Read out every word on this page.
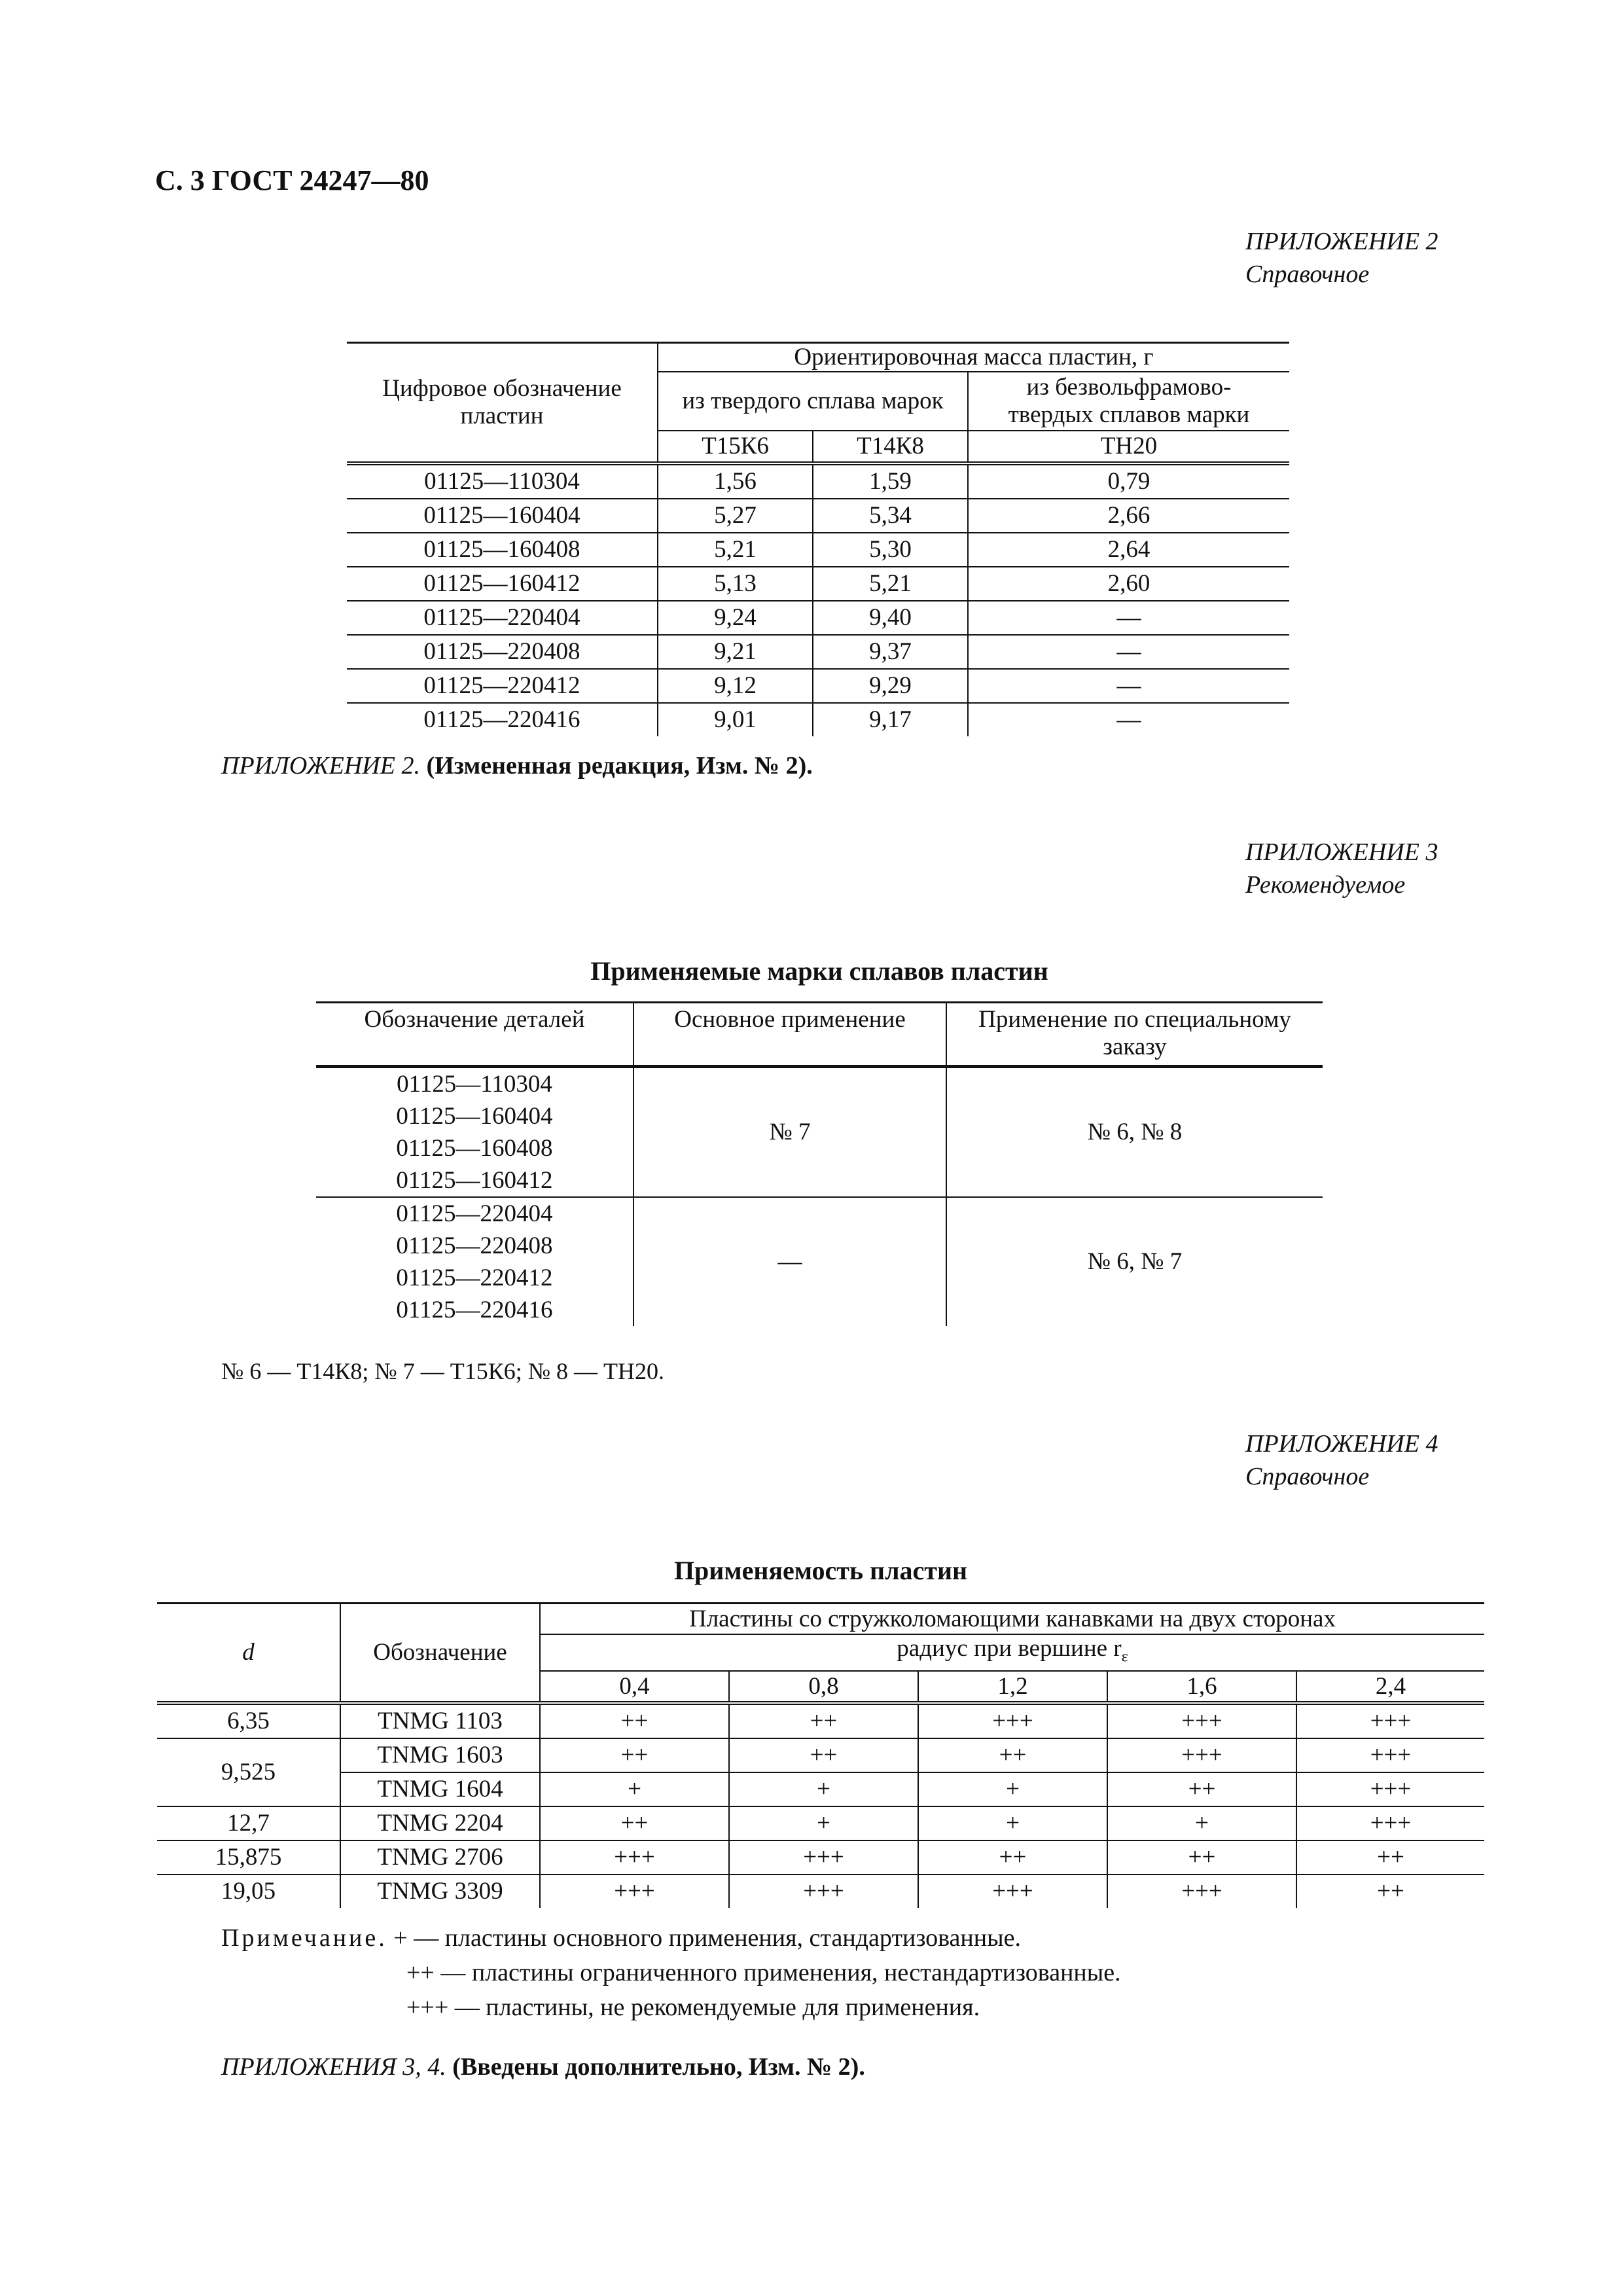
С. 3 ГОСТ 24247—80
ПРИЛОЖЕНИЕ 2
Справочное
Цифровое обозначение пластин	Ориентировочная масса пластин, г		
	из твердого сплава марок		из безвольфрамово-твердых сплавов марки
	Т15К6	Т14К8	ТН20
01125—110304	1,56	1,59	0,79
01125—160404	5,27	5,34	2,66
01125—160408	5,21	5,30	2,64
01125—160412	5,13	5,21	2,60
01125—220404	9,24	9,40	—
01125—220408	9,21	9,37	—
01125—220412	9,12	9,29	—
01125—220416	9,01	9,17	—
ПРИЛОЖЕНИЕ 2. (Измененная редакция, Изм. № 2).
ПРИЛОЖЕНИЕ 3
Рекомендуемое
Применяемые марки сплавов пластин
Обозначение деталей	Основное применение	Применение по специальному заказу

01125—110304
01125—160404
01125—160408
01125—160412	№ 7	№ 6, № 8

01125—220404
01125—220408
01125—220412
01125—220416	—	№ 6, № 7
№ 6 — Т14К8; № 7 — Т15К6; № 8 — ТН20.
ПРИЛОЖЕНИЕ 4
Справочное
Применяемость пластин
d	Обозначение	Пластины со стружколомающими канавками на двух сторонах				
		радиус при вершине $r_\varepsilon$
		0,4	0,8	1,2	1,6	2,4
6,35	TNMG 1103	++	++	+++	+++	+++
9,525	TNMG 1603	++	++	++	+++	+++
	TNMG 1604	+	+	+	++	+++
12,7	TNMG 2204	++	+	+	+	+++
15,875	TNMG 2706	+++	+++	++	++	++
19,05	TNMG 3309	+++	+++	+++	+++	++
Примечание. + — пластины основного применения, стандартизованные.
++ — пластины ограниченного применения, нестандартизованные.
+++ — пластины, не рекомендуемые для применения.
ПРИЛОЖЕНИЯ 3, 4. (Введены дополнительно, Изм. № 2).
